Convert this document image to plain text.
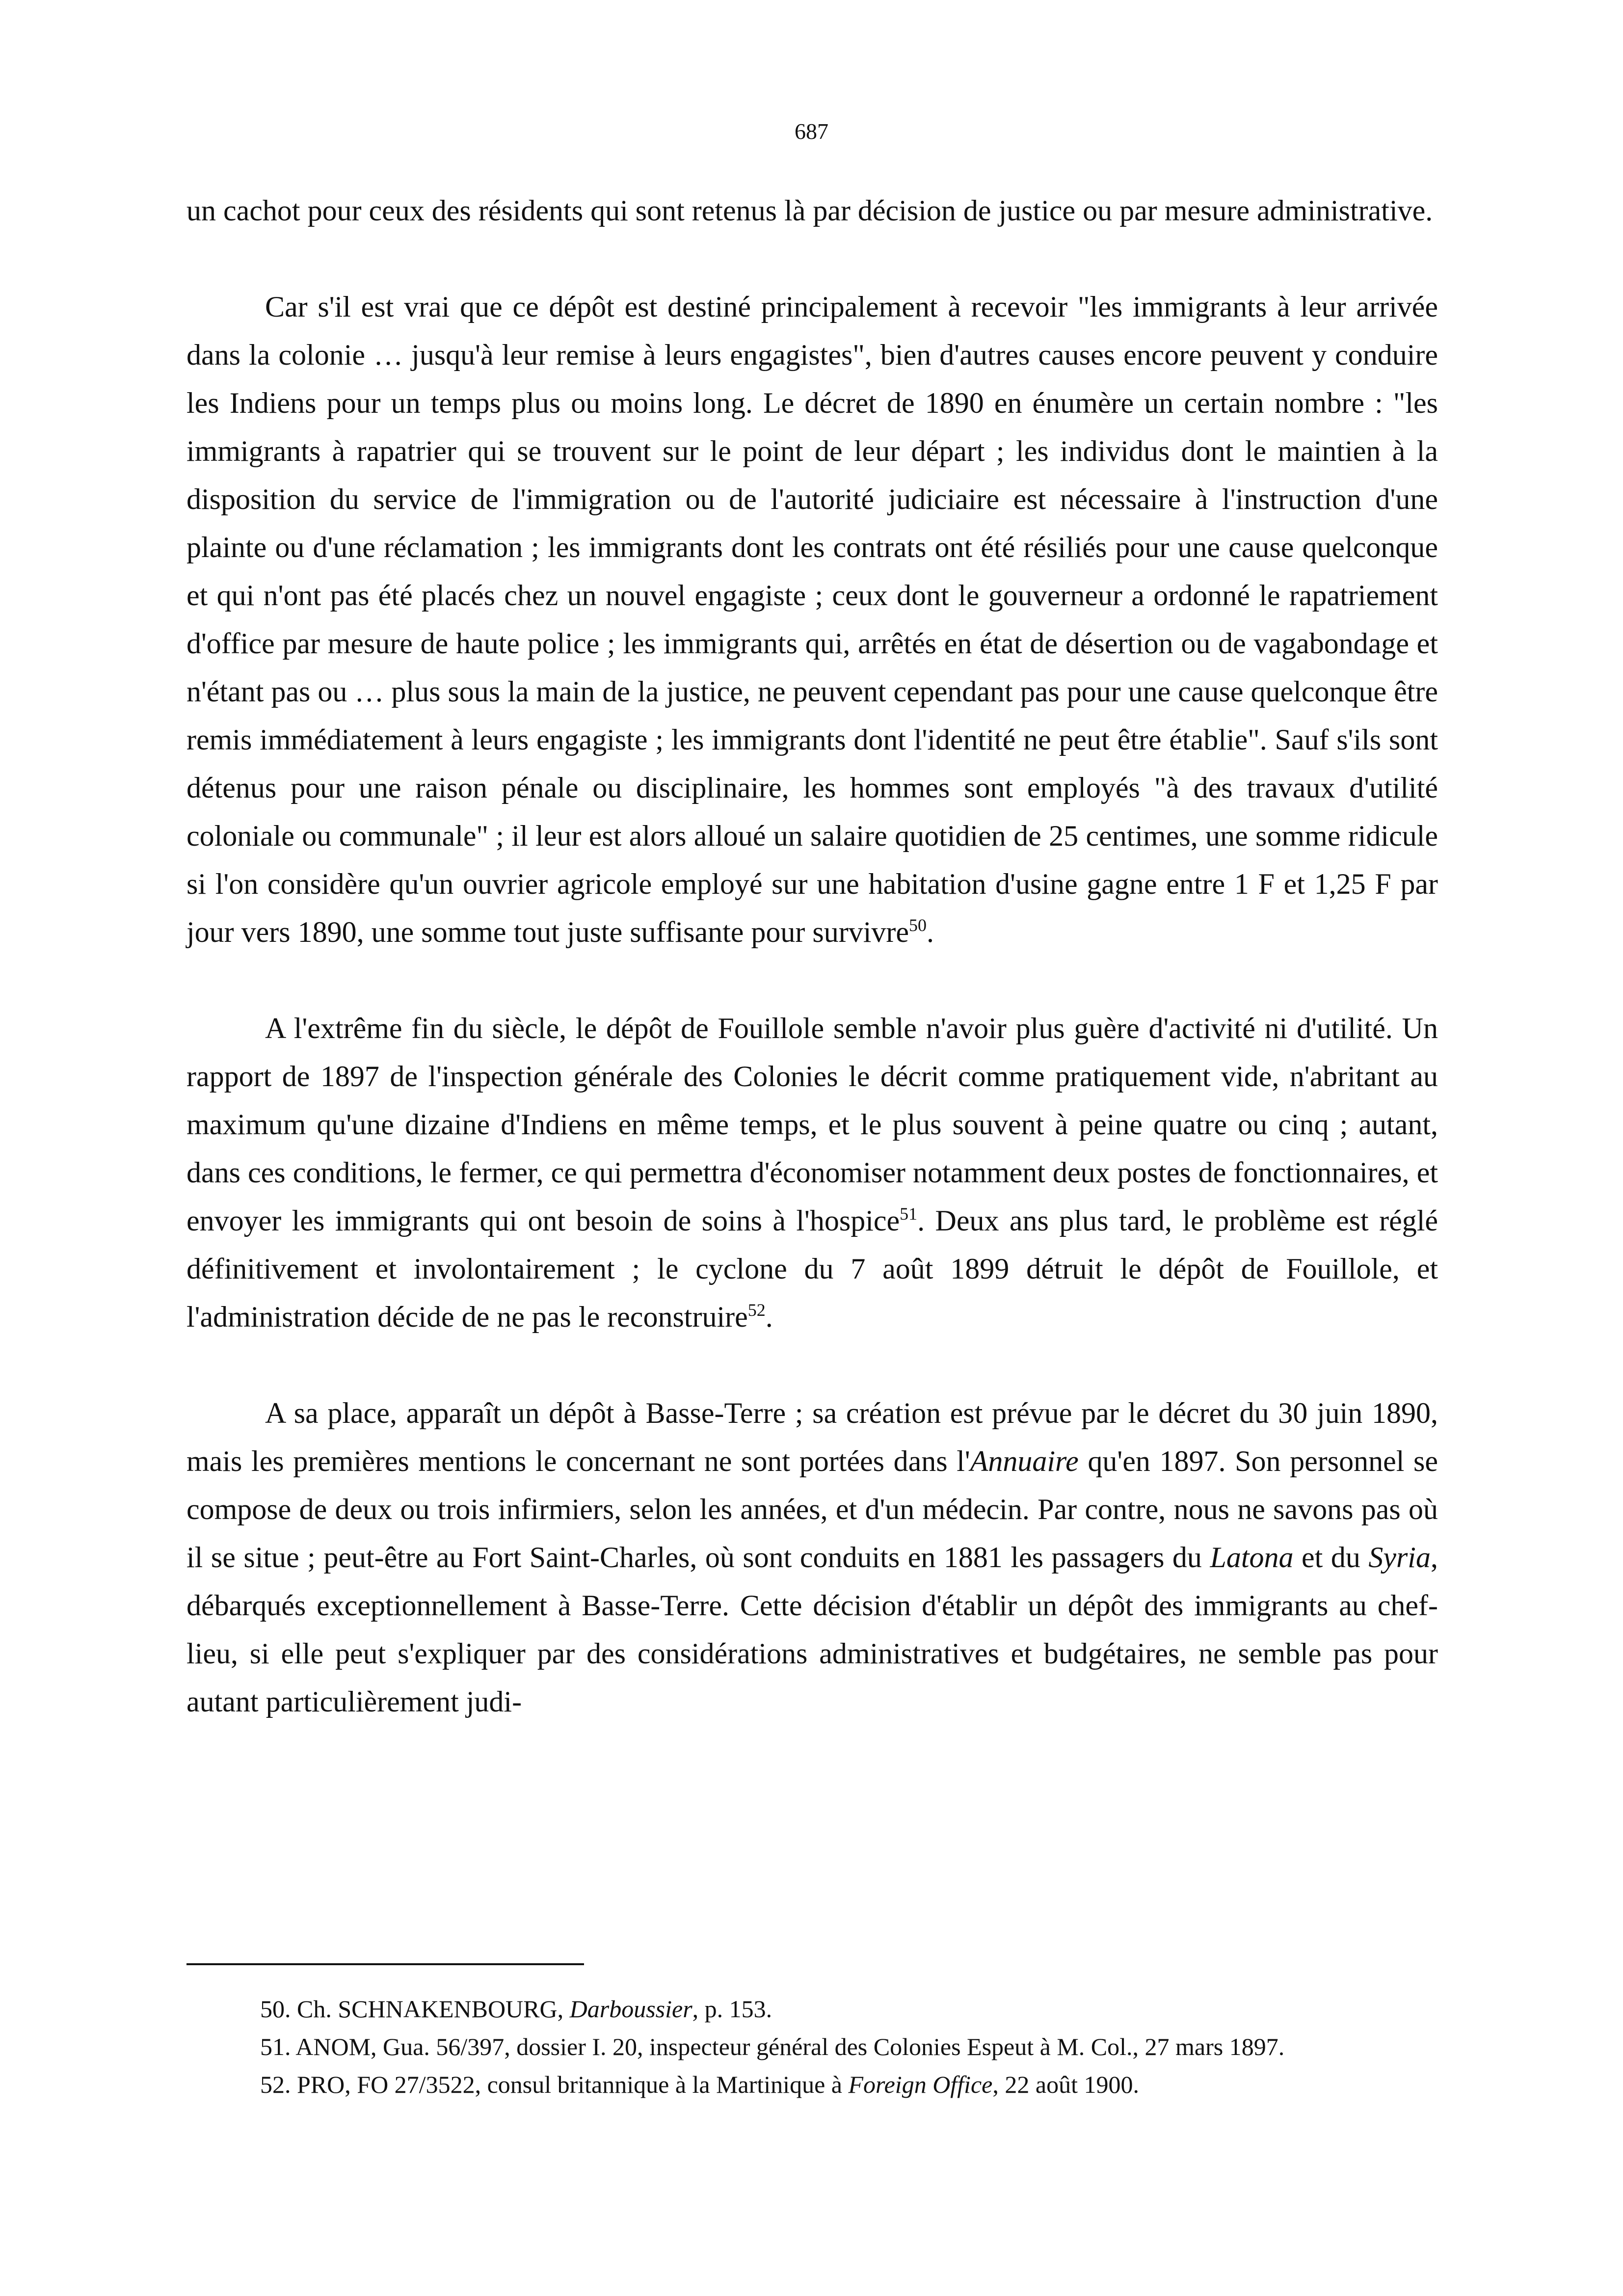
687

un cachot pour ceux des résidents qui sont retenus là par décision de justice ou par mesure administrative.

Car s'il est vrai que ce dépôt est destiné principalement à recevoir "les immigrants à leur arrivée dans la colonie … jusqu'à leur remise à leurs engagistes", bien d'autres causes encore peuvent y conduire les Indiens pour un temps plus ou moins long. Le décret de 1890 en énumère un certain nombre : "les immigrants à rapatrier qui se trouvent sur le point de leur départ ; les individus dont le maintien à la disposition du service de l'immigration ou de l'autorité judiciaire est nécessaire à l'instruction d'une plainte ou d'une réclamation ; les immigrants dont les contrats ont été résiliés pour une cause quelconque et qui n'ont pas été placés chez un nouvel engagiste ; ceux dont le gouverneur a ordonné le rapatriement d'office par mesure de haute police ; les immigrants qui, arrêtés en état de désertion ou de vagabondage et n'étant pas ou … plus sous la main de la justice, ne peuvent cependant pas pour une cause quelconque être remis immédiatement à leurs engagiste ; les immigrants dont l'identité ne peut être établie". Sauf s'ils sont détenus pour une raison pénale ou disciplinaire, les hommes sont employés "à des travaux d'utilité coloniale ou communale" ; il leur est alors alloué un salaire quotidien de 25 centimes, une somme ridicule si l'on considère qu'un ouvrier agricole employé sur une habitation d'usine gagne entre 1 F et 1,25 F par jour vers 1890, une somme tout juste suffisante pour survivre$^{50}$.

A l'extrême fin du siècle, le dépôt de Fouillole semble n'avoir plus guère d'activité ni d'utilité. Un rapport de 1897 de l'inspection générale des Colonies le décrit comme pratiquement vide, n'abritant au maximum qu'une dizaine d'Indiens en même temps, et le plus souvent à peine quatre ou cinq ; autant, dans ces conditions, le fermer, ce qui permettra d'économiser notamment deux postes de fonctionnaires, et envoyer les immigrants qui ont besoin de soins à l'hospice$^{51}$. Deux ans plus tard, le problème est réglé définitivement et involontairement ; le cyclone du 7 août 1899 détruit le dépôt de Fouillole, et l'administration décide de ne pas le reconstruire$^{52}$.

A sa place, apparaît un dépôt à Basse-Terre ; sa création est prévue par le décret du 30 juin 1890, mais les premières mentions le concernant ne sont portées dans l'Annuaire qu'en 1897. Son personnel se compose de deux ou trois infirmiers, selon les années, et d'un médecin. Par contre, nous ne savons pas où il se situe ; peut-être au Fort Saint-Charles, où sont conduits en 1881 les passagers du Latona et du Syria, débarqués exceptionnellement à Basse-Terre. Cette décision d'établir un dépôt des immigrants au chef-lieu, si elle peut s'expliquer par des considérations administratives et budgétaires, ne semble pas pour autant particulièrement judi-

50. Ch. SCHNAKENBOURG, Darboussier, p. 153.

51. ANOM, Gua. 56/397, dossier I. 20, inspecteur général des Colonies Espeut à M. Col., 27 mars 1897.

52. PRO, FO 27/3522, consul britannique à la Martinique à Foreign Office, 22 août 1900.
